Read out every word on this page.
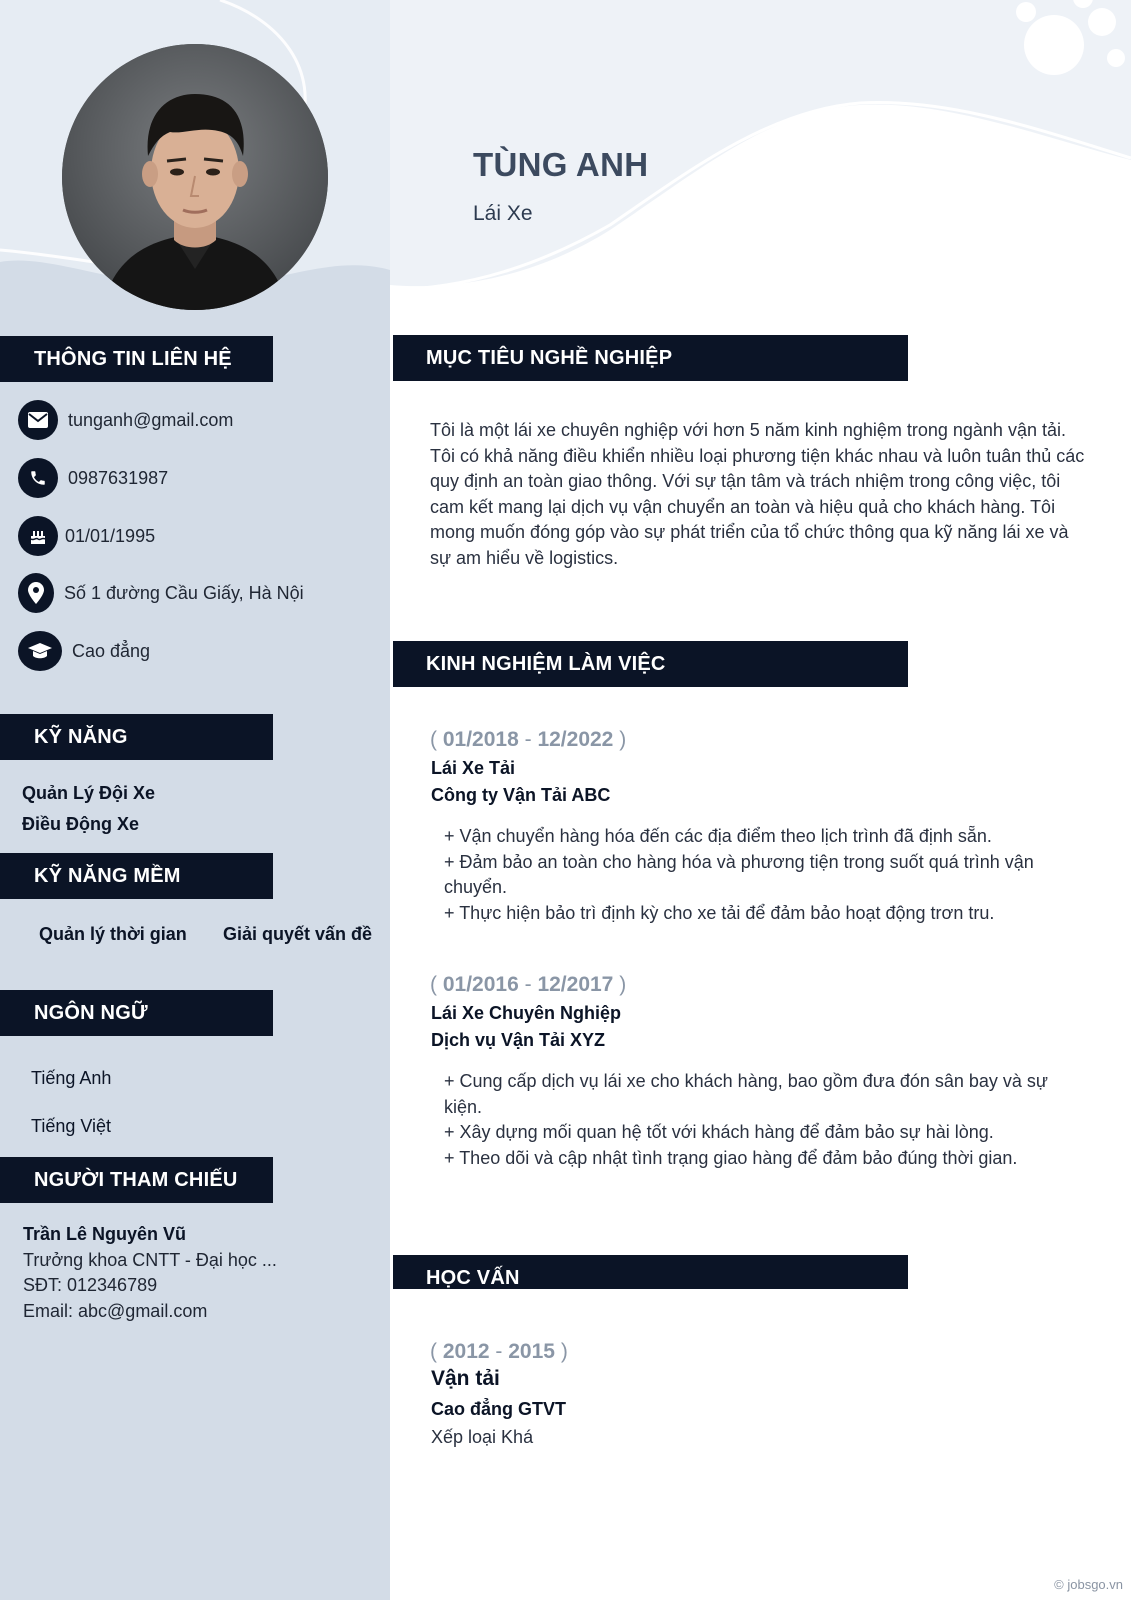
THÔNG TIN LIÊN HỆ
tunganh@gmail.com
0987631987
01/01/1995
Số 1 đường Cầu Giấy, Hà Nội
Cao đẳng
KỸ NĂNG
Quản Lý Đội Xe
Điều Động Xe
KỸ NĂNG MỀM
Quản lý thời gian Giải quyết vấn đề
NGÔN NGỮ
Tiếng Anh
Tiếng Việt
NGƯỜI THAM CHIẾU
Trần Lê Nguyên Vũ
Trưởng khoa CNTT - Đại học ...
SĐT: 012346789
Email: abc@gmail.com
TÙNG ANH
Lái Xe
MỤC TIÊU NGHỀ NGHIỆP
Tôi là một lái xe chuyên nghiệp với hơn 5 năm kinh nghiệm trong ngành vận tải. Tôi có khả năng điều khiển nhiều loại phương tiện khác nhau và luôn tuân thủ các quy định an toàn giao thông. Với sự tận tâm và trách nhiệm trong công việc, tôi cam kết mang lại dịch vụ vận chuyển an toàn và hiệu quả cho khách hàng. Tôi mong muốn đóng góp vào sự phát triển của tổ chức thông qua kỹ năng lái xe và sự am hiểu về logistics.
KINH NGHIỆM LÀM VIỆC
( 01/2018 - 12/2022 )
Lái Xe Tải
Công ty Vận Tải ABC
+ Vận chuyển hàng hóa đến các địa điểm theo lịch trình đã định sẵn.
+ Đảm bảo an toàn cho hàng hóa và phương tiện trong suốt quá trình vận chuyển.
+ Thực hiện bảo trì định kỳ cho xe tải để đảm bảo hoạt động trơn tru.
( 01/2016 - 12/2017 )
Lái Xe Chuyên Nghiệp
Dịch vụ Vận Tải XYZ
+ Cung cấp dịch vụ lái xe cho khách hàng, bao gồm đưa đón sân bay và sự kiện.
+ Xây dựng mối quan hệ tốt với khách hàng để đảm bảo sự hài lòng.
+ Theo dõi và cập nhật tình trạng giao hàng để đảm bảo đúng thời gian.
HỌC VẤN
( 2012 - 2015 )
Vận tải
Cao đẳng GTVT
Xếp loại Khá
© jobsgo.vn
